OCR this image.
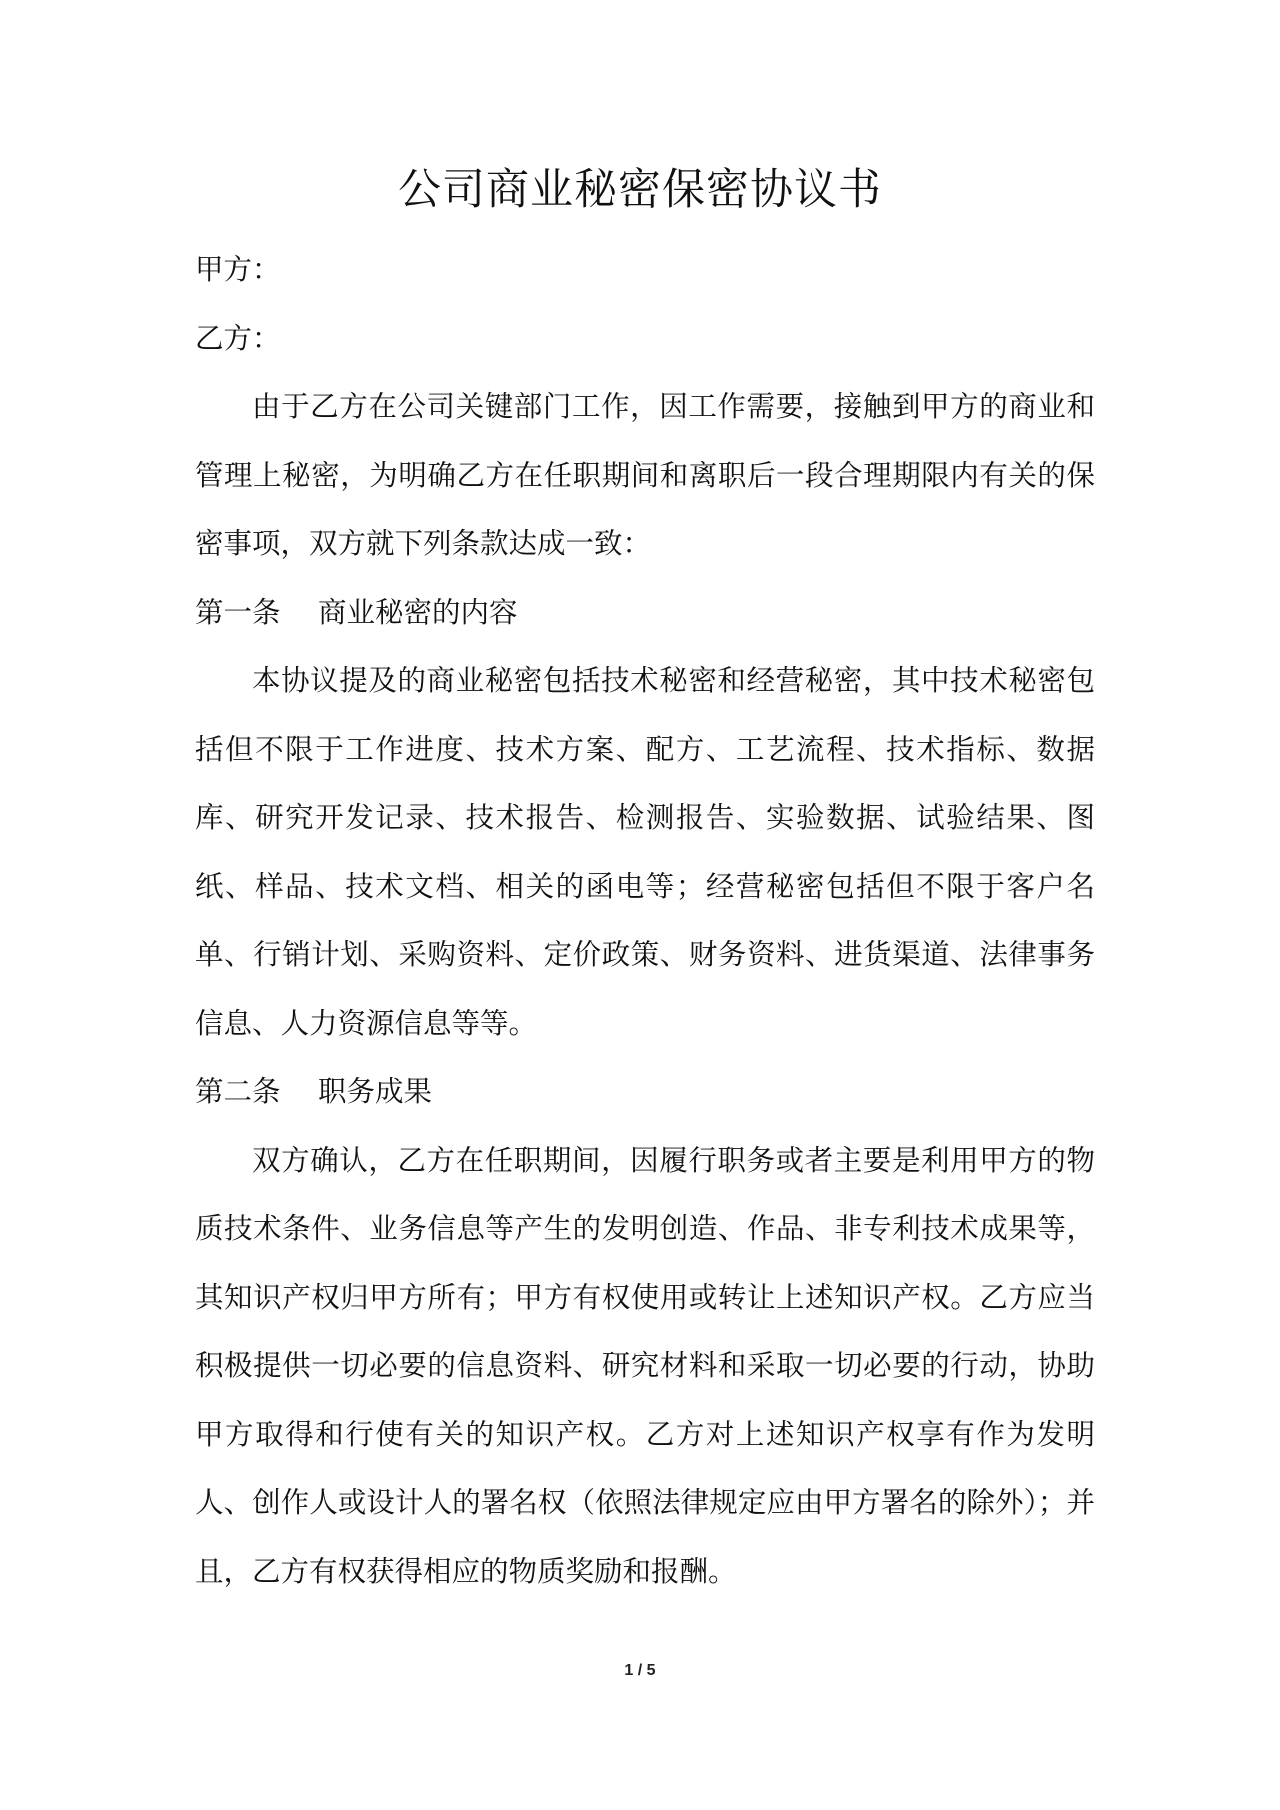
公司商业秘密保密协议书

甲方：

乙方：

由于乙方在公司关键部门工作，因工作需要，接触到甲方的商业和管理上秘密，为明确乙方在任职期间和离职后一段合理期限内有关的保密事项，双方就下列条款达成一致：

第一条　 商业秘密的内容

本协议提及的商业秘密包括技术秘密和经营秘密，其中技术秘密包括但不限于工作进度、技术方案、配方、工艺流程、技术指标、数据库、研究开发记录、技术报告、检测报告、实验数据、试验结果、图纸、样品、技术文档、相关的函电等；经营秘密包括但不限于客户名单、行销计划、采购资料、定价政策、财务资料、进货渠道、法律事务信息、人力资源信息等等。

第二条　 职务成果

双方确认，乙方在任职期间，因履行职务或者主要是利用甲方的物质技术条件、业务信息等产生的发明创造、作品、非专利技术成果等，其知识产权归甲方所有；甲方有权使用或转让上述知识产权。乙方应当积极提供一切必要的信息资料、研究材料和采取一切必要的行动，协助甲方取得和行使有关的知识产权。乙方对上述知识产权享有作为发明人、创作人或设计人的署名权（依照法律规定应由甲方署名的除外）；并且，乙方有权获得相应的物质奖励和报酬。

1 / 5
